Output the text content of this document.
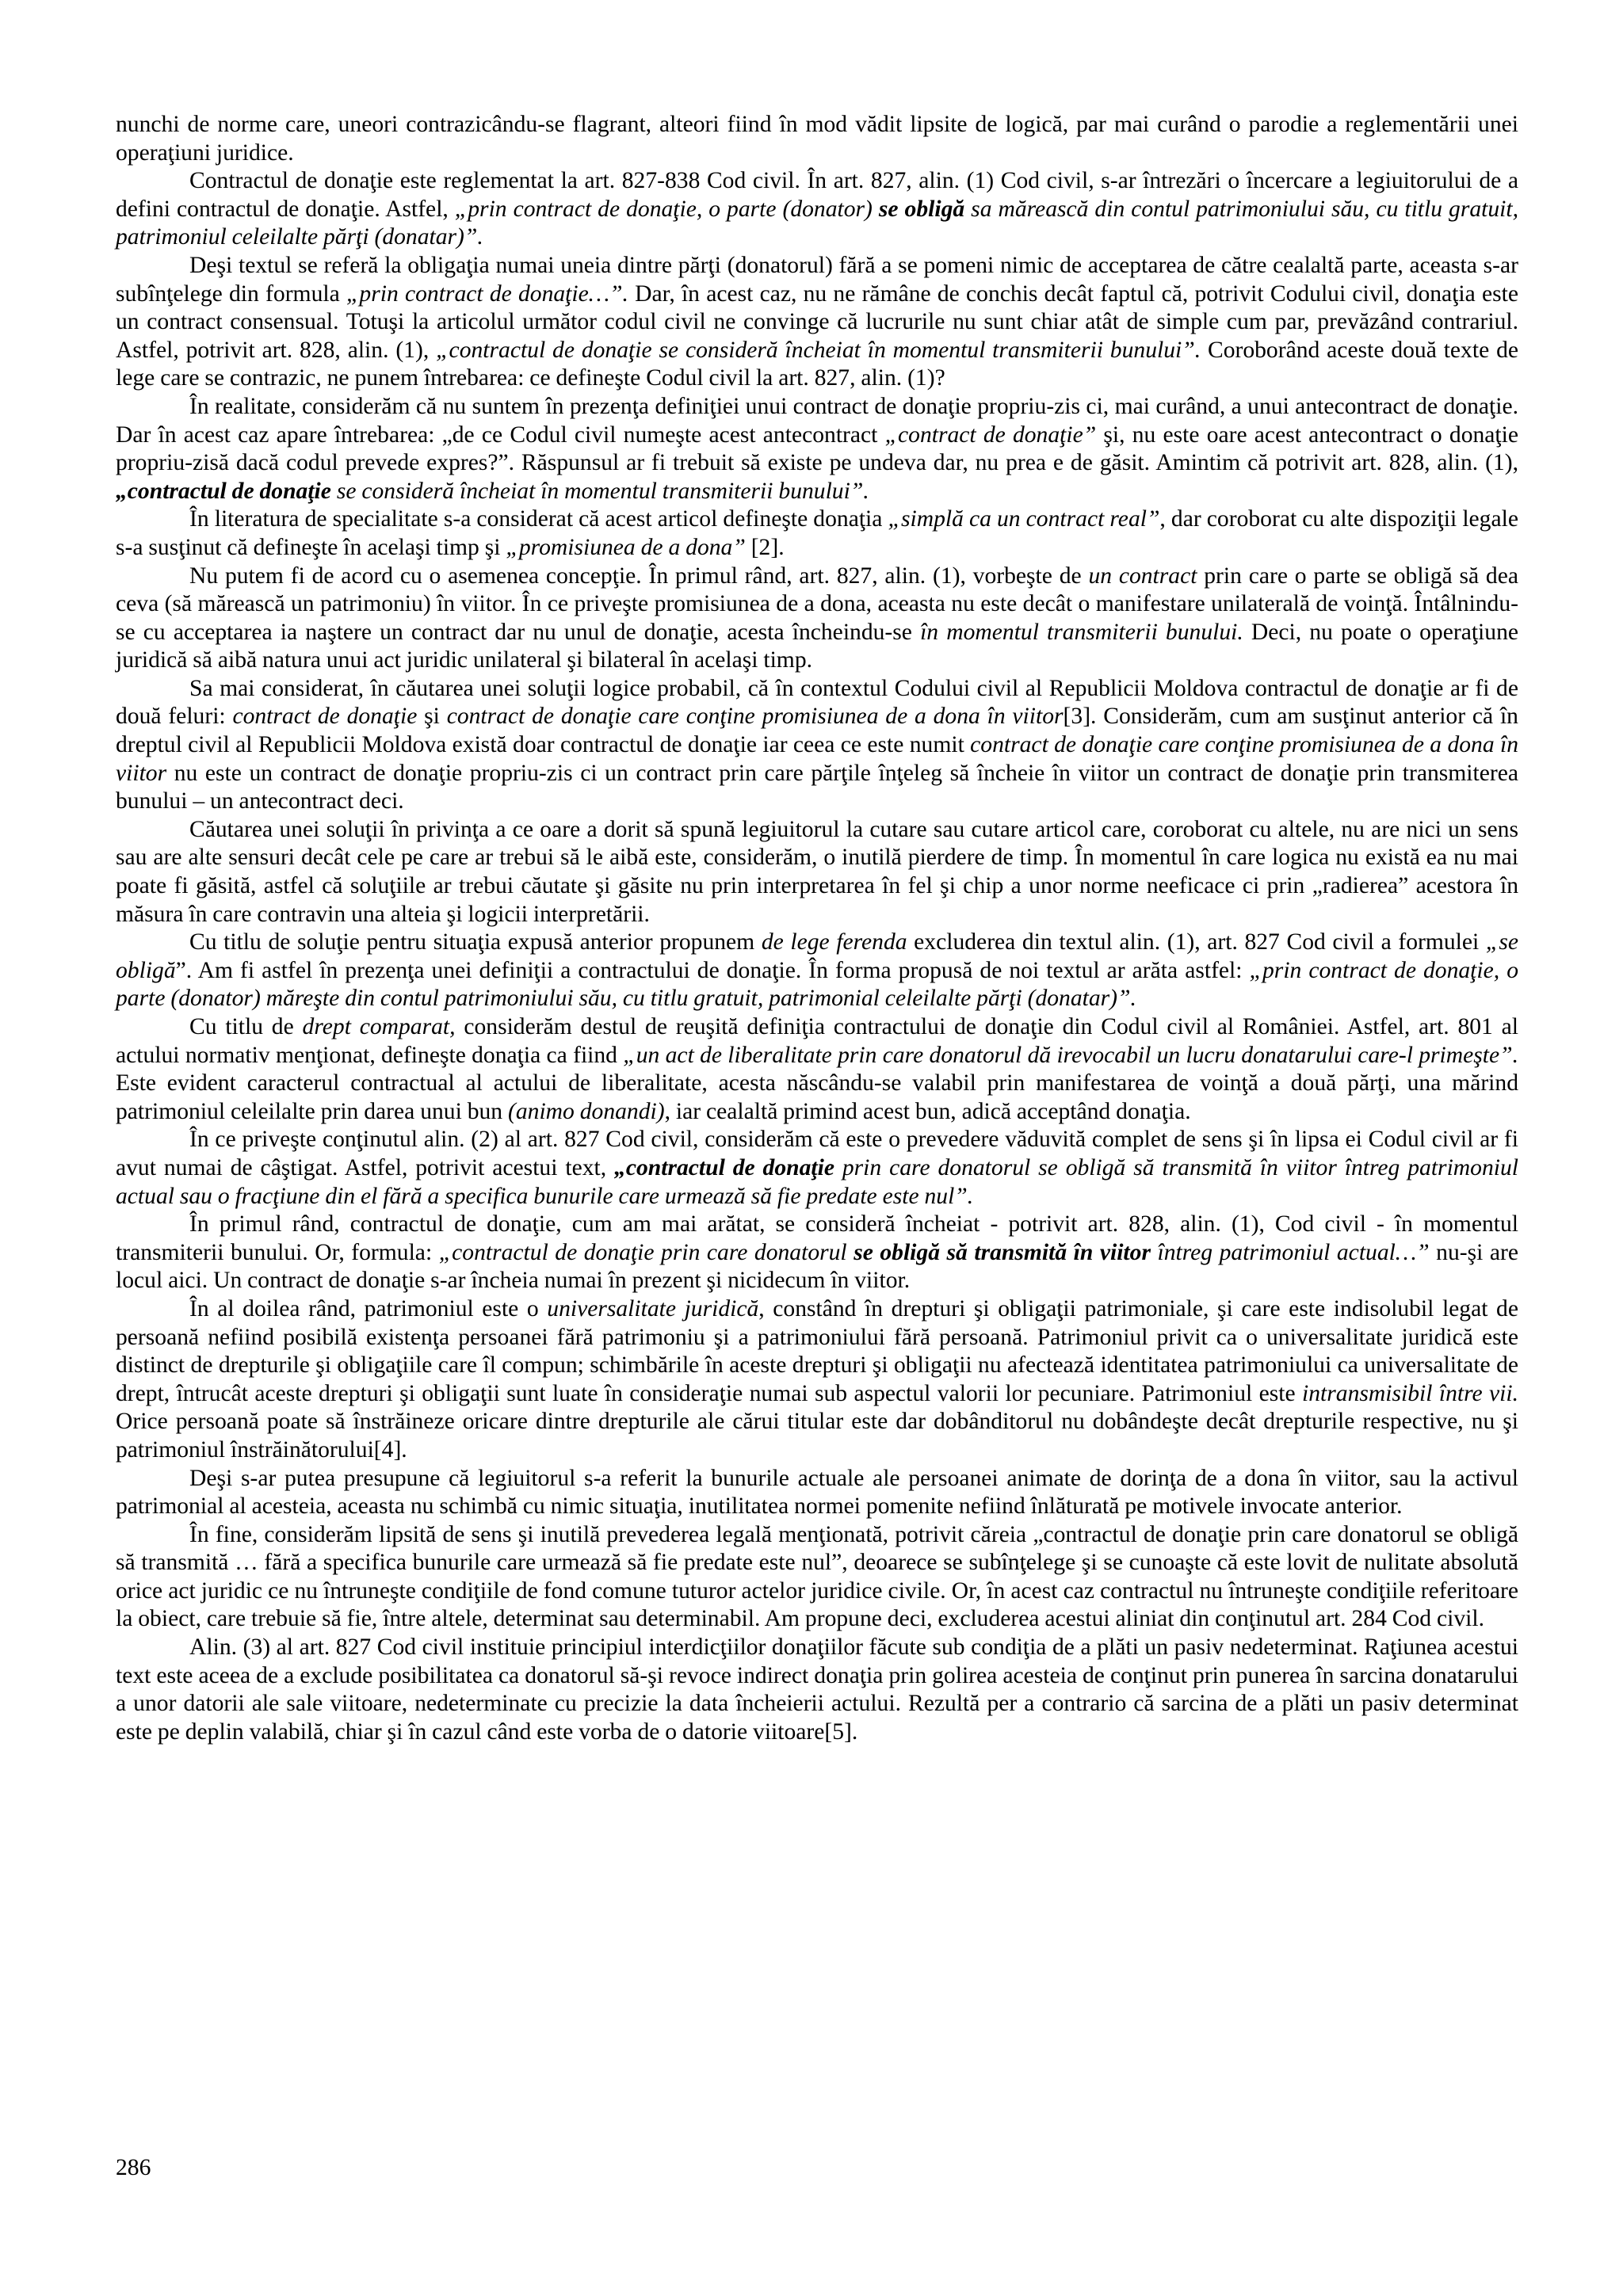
nunchi de norme care, uneori contrazicându-se flagrant, alteori fiind în mod vădit lipsite de logică, par mai curând o parodie a reglementării unei operaţiuni juridice.

Contractul de donaţie este reglementat la art. 827-838 Cod civil. În art. 827, alin. (1) Cod civil, s-ar întrezări o încercare a legiuitorului de a defini contractul de donaţie. Astfel, „prin contract de donaţie, o parte (donator) se obligă sa mărească din contul patrimoniului său, cu titlu gratuit, patrimoniul celeilalte părţi (donatar)”.

Deşi textul se referă la obligaţia numai uneia dintre părţi (donatorul) fără a se pomeni nimic de acceptarea de către cealaltă parte, aceasta s-ar subînţelege din formula „prin contract de donaţie…”. Dar, în acest caz, nu ne rămâne de conchis decât faptul că, potrivit Codului civil, donaţia este un contract consensual. Totuşi la articolul următor codul civil ne convinge că lucrurile nu sunt chiar atât de simple cum par, prevăzând contrariul. Astfel, potrivit art. 828, alin. (1), „contractul de donaţie se consideră încheiat în momentul transmiterii bunului”. Coroborând aceste două texte de lege care se contrazic, ne punem întrebarea: ce defineşte Codul civil la art. 827, alin. (1)?

În realitate, considerăm că nu suntem în prezenţa definiţiei unui contract de donaţie propriu-zis ci, mai curând, a unui antecontract de donaţie. Dar în acest caz apare întrebarea: „de ce Codul civil numeşte acest antecontract „contract de donaţie” şi, nu este oare acest antecontract o donaţie propriu-zisă dacă codul prevede expres?”. Răspunsul ar fi trebuit să existe pe undeva dar, nu prea e de găsit. Amintim că potrivit art. 828, alin. (1), „contractul de donaţie se consideră încheiat în momentul transmiterii bunului”.

În literatura de specialitate s-a considerat că acest articol defineşte donaţia „simplă ca un contract real”, dar coroborat cu alte dispoziţii legale s-a susţinut că defineşte în acelaşi timp şi „promisiunea de a dona” [2].

Nu putem fi de acord cu o asemenea concepţie. În primul rând, art. 827, alin. (1), vorbeşte de un contract prin care o parte se obligă să dea ceva (să mărească un patrimoniu) în viitor. În ce priveşte promisiunea de a dona, aceasta nu este decât o manifestare unilaterală de voinţă. Întâlnindu-se cu acceptarea ia naştere un contract dar nu unul de donaţie, acesta încheindu-se în momentul transmiterii bunului. Deci, nu poate o operaţiune juridică să aibă natura unui act juridic unilateral şi bilateral în acelaşi timp.

Sa mai considerat, în căutarea unei soluţii logice probabil, că în contextul Codului civil al Republicii Moldova contractul de donaţie ar fi de două feluri: contract de donaţie şi contract de donaţie care conţine promisiunea de a dona în viitor[3]. Considerăm, cum am susţinut anterior că în dreptul civil al Republicii Moldova există doar contractul de donaţie iar ceea ce este numit contract de donaţie care conţine promisiunea de a dona în viitor nu este un contract de donaţie propriu-zis ci un contract prin care părţile înţeleg să încheie în viitor un contract de donaţie prin transmiterea bunului – un antecontract deci.

Căutarea unei soluţii în privinţa a ce oare a dorit să spună legiuitorul la cutare sau cutare articol care, coroborat cu altele, nu are nici un sens sau are alte sensuri decât cele pe care ar trebui să le aibă este, considerăm, o inutilă pierdere de timp. În momentul în care logica nu există ea nu mai poate fi găsită, astfel că soluţiile ar trebui căutate şi găsite nu prin interpretarea în fel şi chip a unor norme neeficace ci prin „radierea” acestora în măsura în care contravin una alteia şi logicii interpretării.

Cu titlu de soluţie pentru situaţia expusă anterior propunem de lege ferenda excluderea din textul alin. (1), art. 827 Cod civil a formulei „se obligă”. Am fi astfel în prezenţa unei definiţii a contractului de donaţie. În forma propusă de noi textul ar arăta astfel: „prin contract de donaţie, o parte (donator) măreşte din contul patrimoniului său, cu titlu gratuit, patrimonial celeilalte părţi (donatar)”.

Cu titlu de drept comparat, considerăm destul de reuşită definiţia contractului de donaţie din Codul civil al României. Astfel, art. 801 al actului normativ menţionat, defineşte donaţia ca fiind „un act de liberalitate prin care donatorul dă irevocabil un lucru donatarului care-l primeşte”. Este evident caracterul contractual al actului de liberalitate, acesta născându-se valabil prin manifestarea de voinţă a două părţi, una mărind patrimoniul celeilalte prin darea unui bun (animo donandi), iar cealaltă primind acest bun, adică acceptând donaţia.

În ce priveşte conţinutul alin. (2) al art. 827 Cod civil, considerăm că este o prevedere văduvită complet de sens şi în lipsa ei Codul civil ar fi avut numai de câştigat. Astfel, potrivit acestui text, „contractul de donaţie prin care donatorul se obligă să transmită în viitor întreg patrimoniul actual sau o fracţiune din el fără a specifica bunurile care urmează să fie predate este nul”.

În primul rând, contractul de donaţie, cum am mai arătat, se consideră încheiat - potrivit art. 828, alin. (1), Cod civil - în momentul transmiterii bunului. Or, formula: „contractul de donaţie prin care donatorul se obligă să transmită în viitor întreg patrimoniul actual…” nu-şi are locul aici. Un contract de donaţie s-ar încheia numai în prezent şi nicidecum în viitor.

În al doilea rând, patrimoniul este o universalitate juridică, constând în drepturi şi obligaţii patrimoniale, şi care este indisolubil legat de persoană nefiind posibilă existenţa persoanei fără patrimoniu şi a patrimoniului fără persoană. Patrimoniul privit ca o universalitate juridică este distinct de drepturile şi obligaţiile care îl compun; schimbările în aceste drepturi şi obligaţii nu afectează identitatea patrimoniului ca universalitate de drept, întrucât aceste drepturi şi obligaţii sunt luate în consideraţie numai sub aspectul valorii lor pecuniare. Patrimoniul este intransmisibil între vii. Orice persoană poate să înstrăineze oricare dintre drepturile ale cărui titular este dar dobânditorul nu dobândeşte decât drepturile respective, nu şi patrimoniul înstrăinătorului[4].

Deşi s-ar putea presupune că legiuitorul s-a referit la bunurile actuale ale persoanei animate de dorinţa de a dona în viitor, sau la activul patrimonial al acesteia, aceasta nu schimbă cu nimic situaţia, inutilitatea normei pomenite nefiind înlăturată pe motivele invocate anterior.

În fine, considerăm lipsită de sens şi inutilă prevederea legală menţionată, potrivit căreia „contractul de donaţie prin care donatorul se obligă să transmită … fără a specifica bunurile care urmează să fie predate este nul”, deoarece se subînţelege şi se cunoaşte că este lovit de nulitate absolută orice act juridic ce nu întruneşte condiţiile de fond comune tuturor actelor juridice civile. Or, în acest caz contractul nu întruneşte condiţiile referitoare la obiect, care trebuie să fie, între altele, determinat sau determinabil. Am propune deci, excluderea acestui aliniat din conţinutul art. 284 Cod civil.

Alin. (3) al art. 827 Cod civil instituie principiul interdicţiilor donaţiilor făcute sub condiţia de a plăti un pasiv nedeterminat. Raţiunea acestui text este aceea de a exclude posibilitatea ca donatorul să-şi revoce indirect donaţia prin golirea acesteia de conţinut prin punerea în sarcina donatarului a unor datorii ale sale viitoare, nedeterminate cu precizie la data încheierii actului. Rezultă per a contrario că sarcina de a plăti un pasiv determinat este pe deplin valabilă, chiar şi în cazul când este vorba de o datorie viitoare[5].

286
